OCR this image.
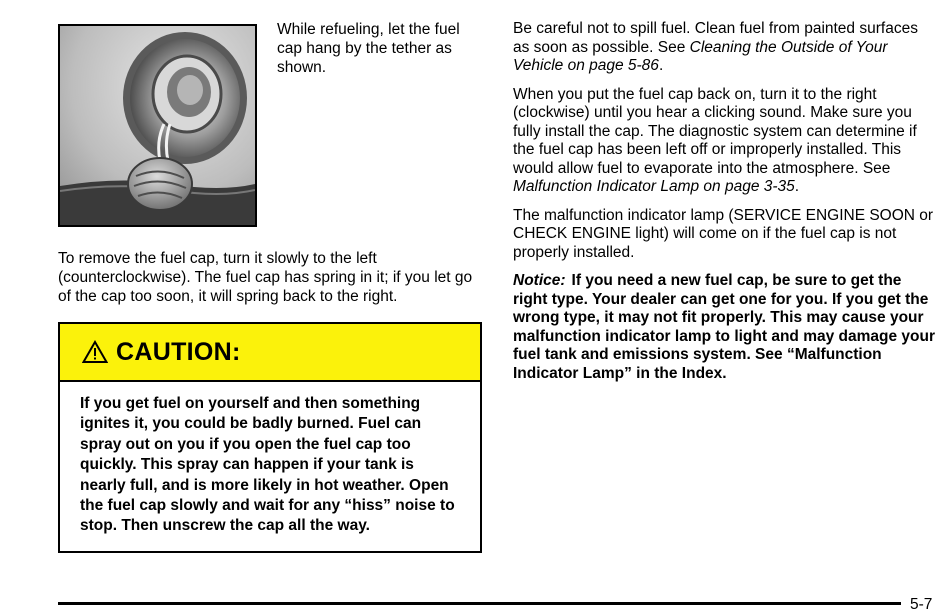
While refueling, let the fuel cap hang by the tether as shown.

To remove the fuel cap, turn it slowly to the left (counterclockwise). The fuel cap has spring in it; if you let go of the cap too soon, it will spring back to the right.

CAUTION:

If you get fuel on yourself and then something ignites it, you could be badly burned. Fuel can spray out on you if you open the fuel cap too quickly. This spray can happen if your tank is nearly full, and is more likely in hot weather. Open the fuel cap slowly and wait for any “hiss” noise to stop. Then unscrew the cap all the way.

Be careful not to spill fuel. Clean fuel from painted surfaces as soon as possible. See Cleaning the Outside of Your Vehicle on page 5-86.

When you put the fuel cap back on, turn it to the right (clockwise) until you hear a clicking sound. Make sure you fully install the cap. The diagnostic system can determine if the fuel cap has been left off or improperly installed. This would allow fuel to evaporate into the atmosphere. See Malfunction Indicator Lamp on page 3-35.

The malfunction indicator lamp (SERVICE ENGINE SOON or CHECK ENGINE light) will come on if the fuel cap is not properly installed.

Notice: If you need a new fuel cap, be sure to get the right type. Your dealer can get one for you. If you get the wrong type, it may not fit properly. This may cause your malfunction indicator lamp to light and may damage your fuel tank and emissions system. See “Malfunction Indicator Lamp” in the Index.

5-7
